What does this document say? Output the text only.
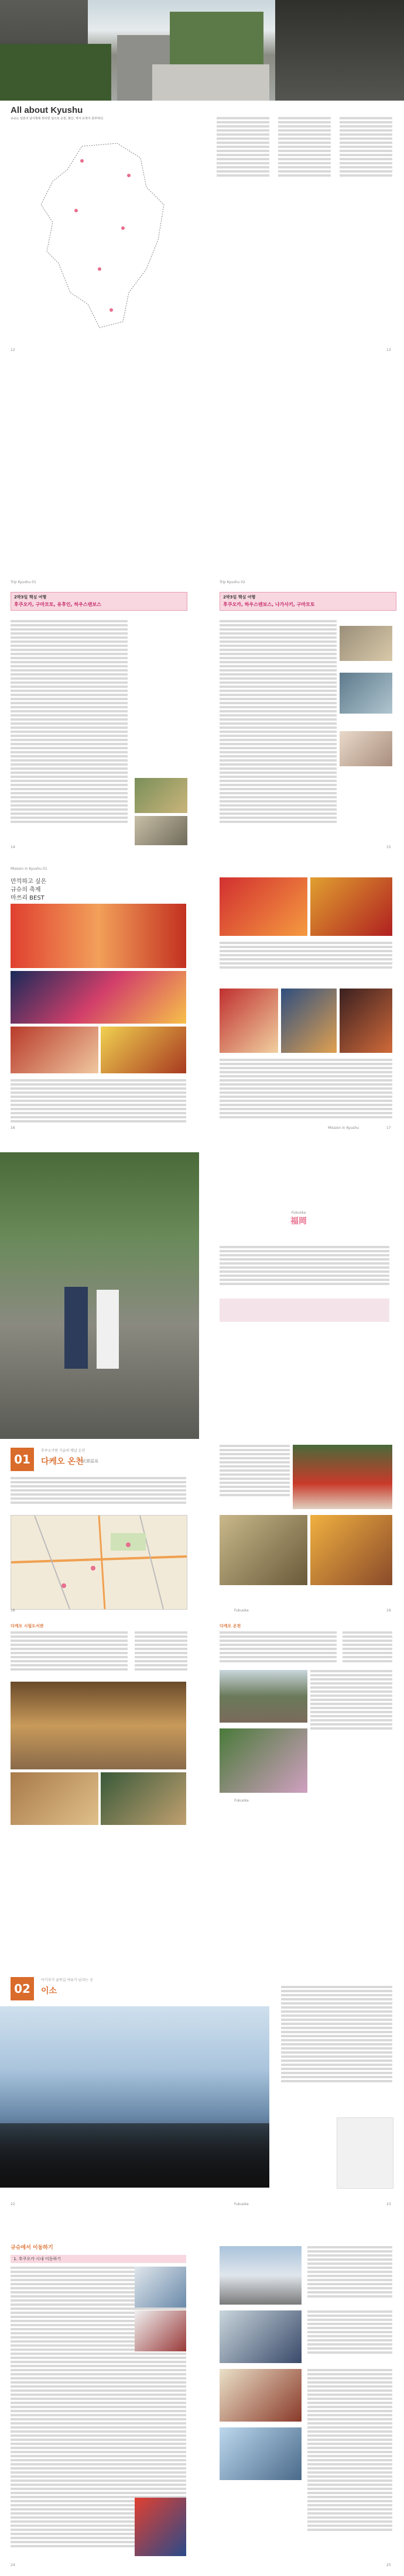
All about Kyushu
규슈는 일본의 남서쪽에 위치한 섬으로 온천, 화산, 역사 유적이 풍부하다.
12	13
Trip Kyushu 01	Trip Kyushu 02
2박3일 핵심 여행
후쿠오카, 구마모토, 유후인, 하우스텐보스
2박3일 핵심 여행
후쿠오카, 하우스텐보스, 나가사키, 구마모토
14	15
Mission in Kyushu 01
만끽하고 싶은
규슈의 축제
마쓰리 BEST
16	Mission in Kyushu	17
Fukuoka
福岡
01
후쿠오카현 기슭의 옛날 온천
다케오 온천
武雄温泉
18	Fukuoka	19
다케오 시립도서관	다케오 온천
Fukuoka
02
아기자기 골목길 여유가 넘치는 곳
이소
22	Fukuoka	23
규슈에서 이동하기
1. 후쿠오카 시내 이동하기
24	25
